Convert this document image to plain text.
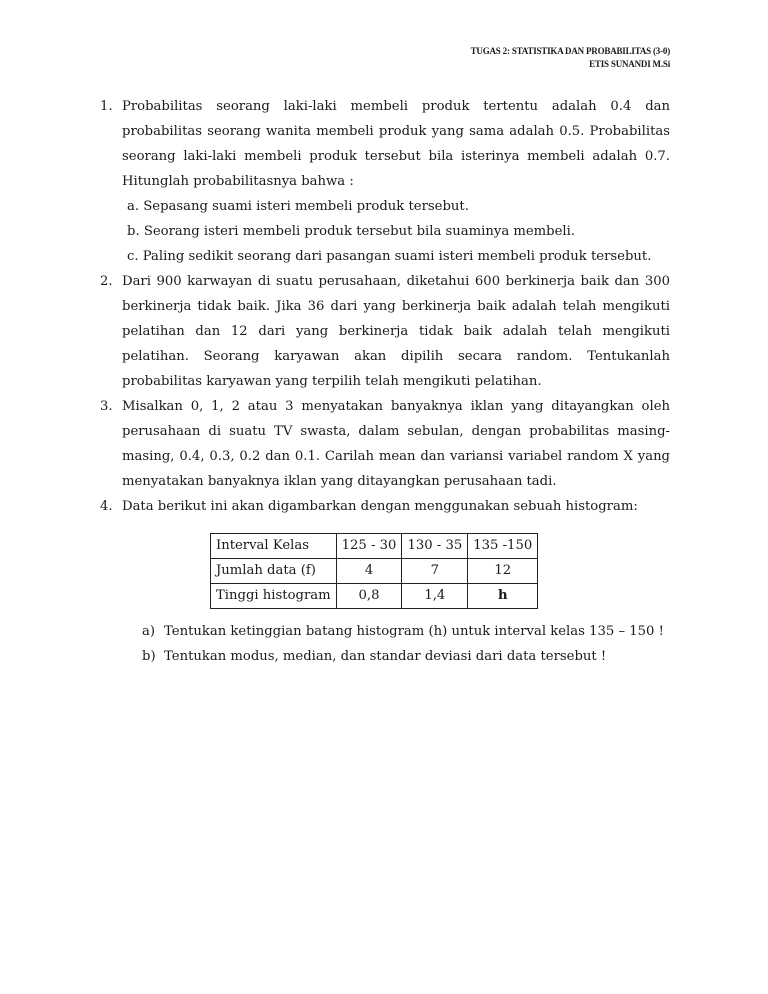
TUGAS 2: STATISTIKA DAN PROBABILITAS (3-0)
ETIS SUNANDI M.Si
1. Probabilitas seorang laki-laki membeli produk tertentu adalah 0.4 dan probabilitas seorang wanita membeli produk yang sama adalah 0.5. Probabilitas seorang laki-laki membeli produk tersebut bila isterinya membeli adalah 0.7. Hitunglah probabilitasnya bahwa :
a. Sepasang suami isteri membeli produk tersebut.
b. Seorang isteri membeli produk tersebut bila suaminya membeli.
c. Paling sedikit seorang dari pasangan suami isteri membeli produk tersebut.
2. Dari 900 karwayan di suatu perusahaan, diketahui 600 berkinerja baik dan 300 berkinerja tidak baik. Jika 36 dari yang berkinerja baik adalah telah mengikuti pelatihan dan 12 dari yang berkinerja tidak baik adalah telah mengikuti pelatihan. Seorang karyawan akan dipilih secara random. Tentukanlah probabilitas karyawan yang terpilih telah mengikuti pelatihan.
3. Misalkan 0, 1, 2 atau 3 menyatakan banyaknya iklan yang ditayangkan oleh perusahaan di suatu TV swasta, dalam sebulan, dengan probabilitas masing-masing, 0.4, 0.3, 0.2 dan 0.1. Carilah mean dan variansi variabel random X yang menyatakan banyaknya iklan yang ditayangkan perusahaan tadi.
4. Data berikut ini akan digambarkan dengan menggunakan sebuah histogram:
Interval Kelas	125 - 30	130 - 35	135 -150
Jumlah data (f)	4	7	12
Tinggi histogram	0,8	1,4	h
a) Tentukan ketinggian batang histogram (h) untuk interval kelas 135 – 150 !
b) Tentukan modus, median, dan standar deviasi dari data tersebut !
